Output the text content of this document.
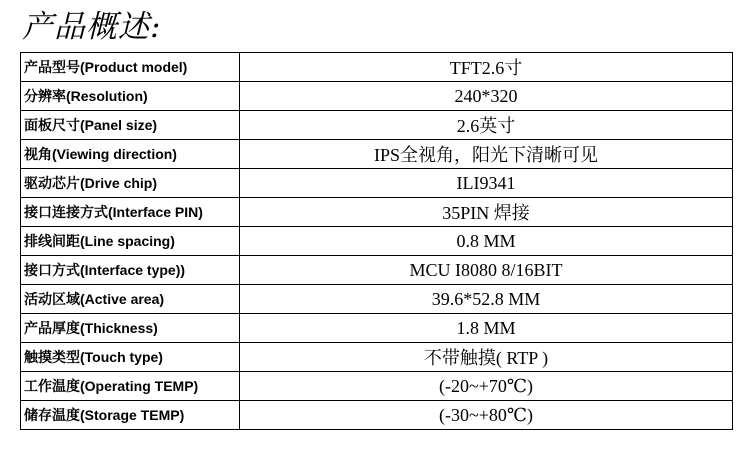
产品概述:
产品型号(Product model)	TFT2.6寸
分辨率(Resolution)	240*320
面板尺寸(Panel size)	2.6英寸
视角(Viewing direction)	IPS全视角，阳光下清晰可见
驱动芯片(Drive chip)	ILI9341
接口连接方式(Interface PIN)	35PIN 焊接
排线间距(Line spacing)	0.8 MM
接口方式(Interface type))	MCU I8080 8/16BIT
活动区域(Active area)	39.6*52.8 MM
产品厚度(Thickness)	1.8 MM
触摸类型(Touch type)	不带触摸( RTP )
工作温度(Operating TEMP)	(-20~+70℃)
储存温度(Storage TEMP)	(-30~+80℃)
